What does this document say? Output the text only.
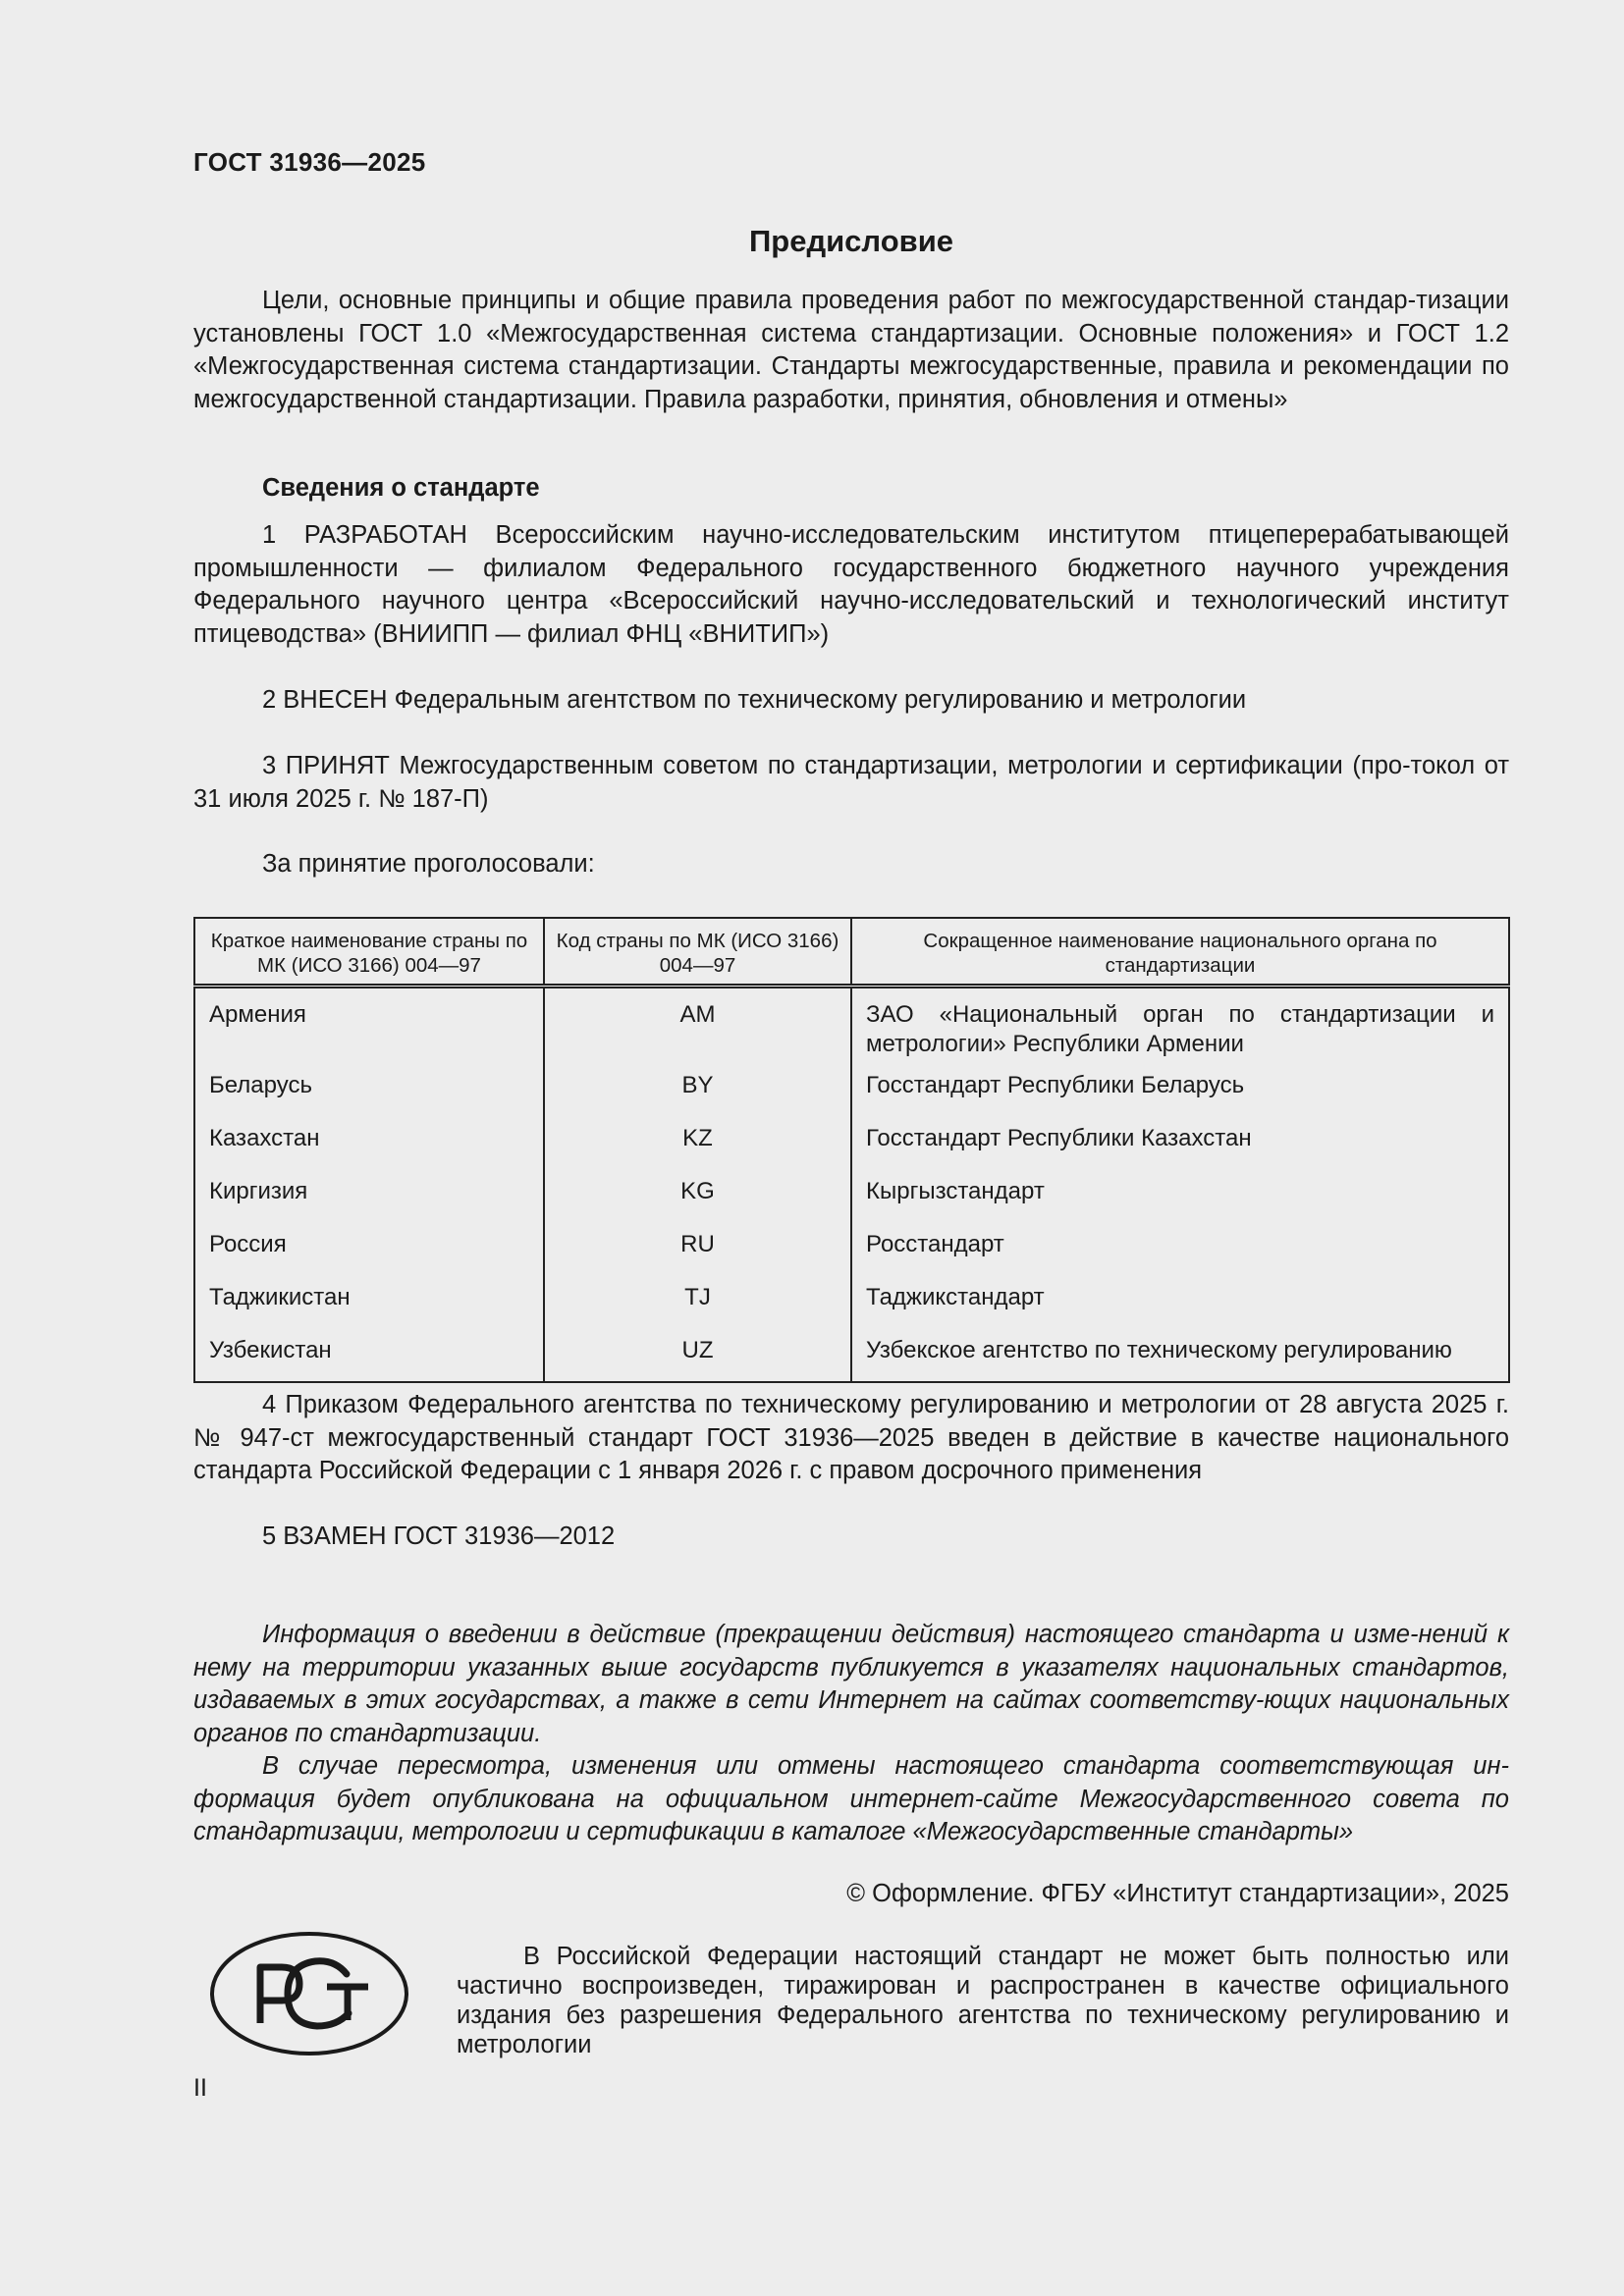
ГОСТ 31936—2025
Предисловие

Цели, основные принципы и общие правила проведения работ по межгосударственной стандар-тизации установлены ГОСТ 1.0 «Межгосударственная система стандартизации. Основные положения» и ГОСТ 1.2 «Межгосударственная система стандартизации. Стандарты межгосударственные, правила и рекомендации по межгосударственной стандартизации. Правила разработки, принятия, обновления и отмены»

Сведения о стандарте

1 РАЗРАБОТАН Всероссийским научно-исследовательским институтом птицеперерабатывающей промышленности — филиалом Федерального государственного бюджетного научного учреждения Федерального научного центра «Всероссийский научно-исследовательский и технологический институт птицеводства» (ВНИИПП — филиал ФНЦ «ВНИТИП»)

2 ВНЕСЕН Федеральным агентством по техническому регулированию и метрологии

3 ПРИНЯТ Межгосударственным советом по стандартизации, метрологии и сертификации (про-токол от 31 июля 2025 г. № 187-П)

За принятие проголосовали:

Краткое наименование страны по МК (ИСО 3166) 004—97	Код страны по МК (ИСО 3166) 004—97	Сокращенное наименование национального органа по стандартизации
Армения	AM	ЗАО «Национальный орган по стандартизации и метрологии» Республики Армении
Беларусь	BY	Госстандарт Республики Беларусь
Казахстан	KZ	Госстандарт Республики Казахстан
Киргизия	KG	Кыргызстандарт
Россия	RU	Росстандарт
Таджикистан	TJ	Таджикстандарт
Узбекистан	UZ	Узбекское агентство по техническому регулированию

4 Приказом Федерального агентства по техническому регулированию и метрологии от 28 августа 2025 г. № 947-ст межгосударственный стандарт ГОСТ 31936—2025 введен в действие в качестве национального стандарта Российской Федерации с 1 января 2026 г. с правом досрочного применения

5 ВЗАМЕН ГОСТ 31936—2012

Информация о введении в действие (прекращении действия) настоящего стандарта и изме-нений к нему на территории указанных выше государств публикуется в указателях национальных стандартов, издаваемых в этих государствах, а также в сети Интернет на сайтах соответству-ющих национальных органов по стандартизации.

В случае пересмотра, изменения или отмены настоящего стандарта соответствующая ин-формация будет опубликована на официальном интернет-сайте Межгосударственного совета по стандартизации, метрологии и сертификации в каталоге «Межгосударственные стандарты»

© Оформление. ФГБУ «Институт стандартизации», 2025

В Российской Федерации настоящий стандарт не может быть полностью или частично воспроизведен, тиражирован и распространен в качестве официального издания без разрешения Федерального агентства по техническому регулированию и метрологии

II
